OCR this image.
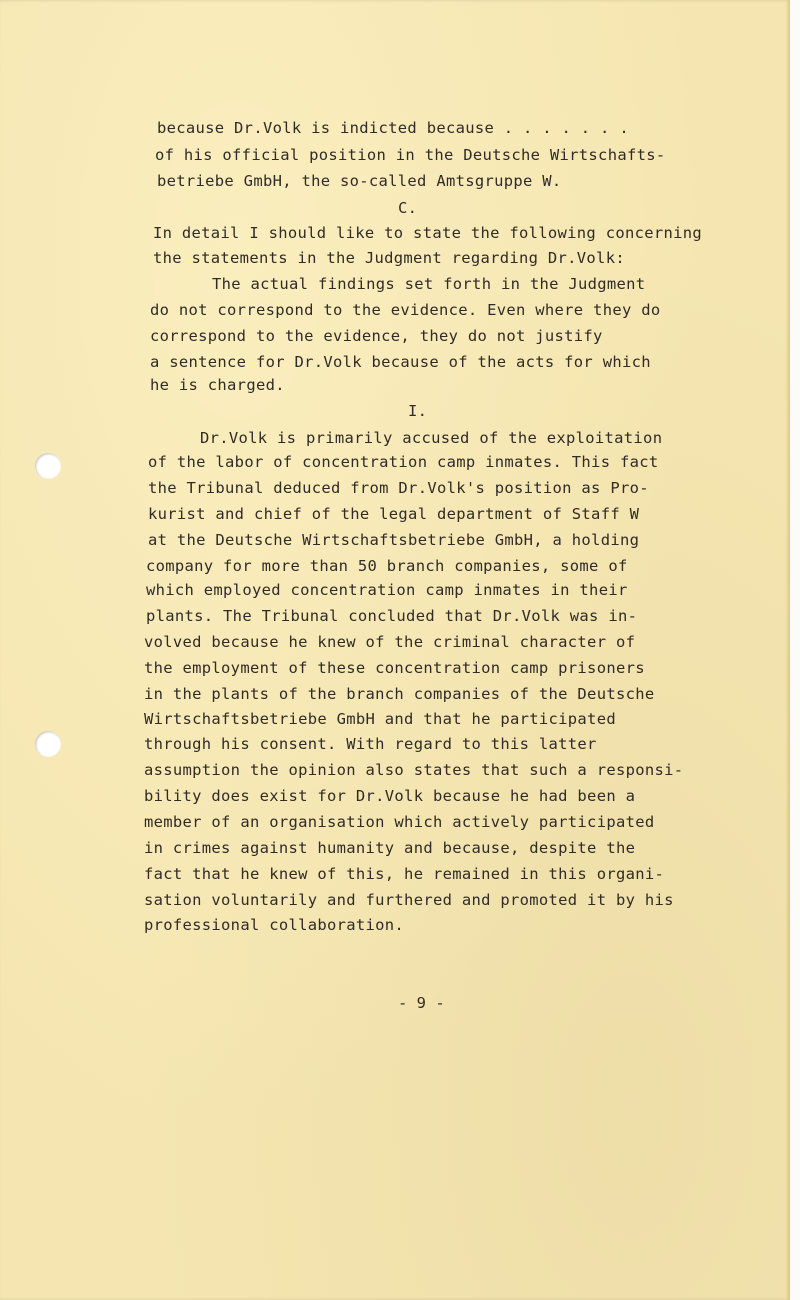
because Dr.Volk is indicted because . . . . . . .
of his official position in the Deutsche Wirtschafts-
betriebe GmbH, the so-called Amtsgruppe W.
C.
In detail I should like to state the following concerning
the statements in the Judgment regarding Dr.Volk:
The actual findings set forth in the Judgment
do not correspond to the evidence. Even where they do
correspond to the evidence, they do not justify
a sentence for Dr.Volk because of the acts for which
he is charged.
I.
Dr.Volk is primarily accused of the exploitation
of the labor of concentration camp inmates. This fact
the Tribunal deduced from Dr.Volk's position as Pro-
kurist and chief of the legal department of Staff W
at the Deutsche Wirtschaftsbetriebe GmbH, a holding
company for more than 50 branch companies, some of
which employed concentration camp inmates in their
plants. The Tribunal concluded that Dr.Volk was in-
volved because he knew of the criminal character of
the employment of these concentration camp prisoners
in the plants of the branch companies of the Deutsche
Wirtschaftsbetriebe GmbH and that he participated
through his consent. With regard to this latter
assumption the opinion also states that such a responsi-
bility does exist for Dr.Volk because he had been a
member of an organisation which actively participated
in crimes against humanity and because, despite the
fact that he knew of this, he remained in this organi-
sation voluntarily and furthered and promoted it by his
professional collaboration.
- 9 -
